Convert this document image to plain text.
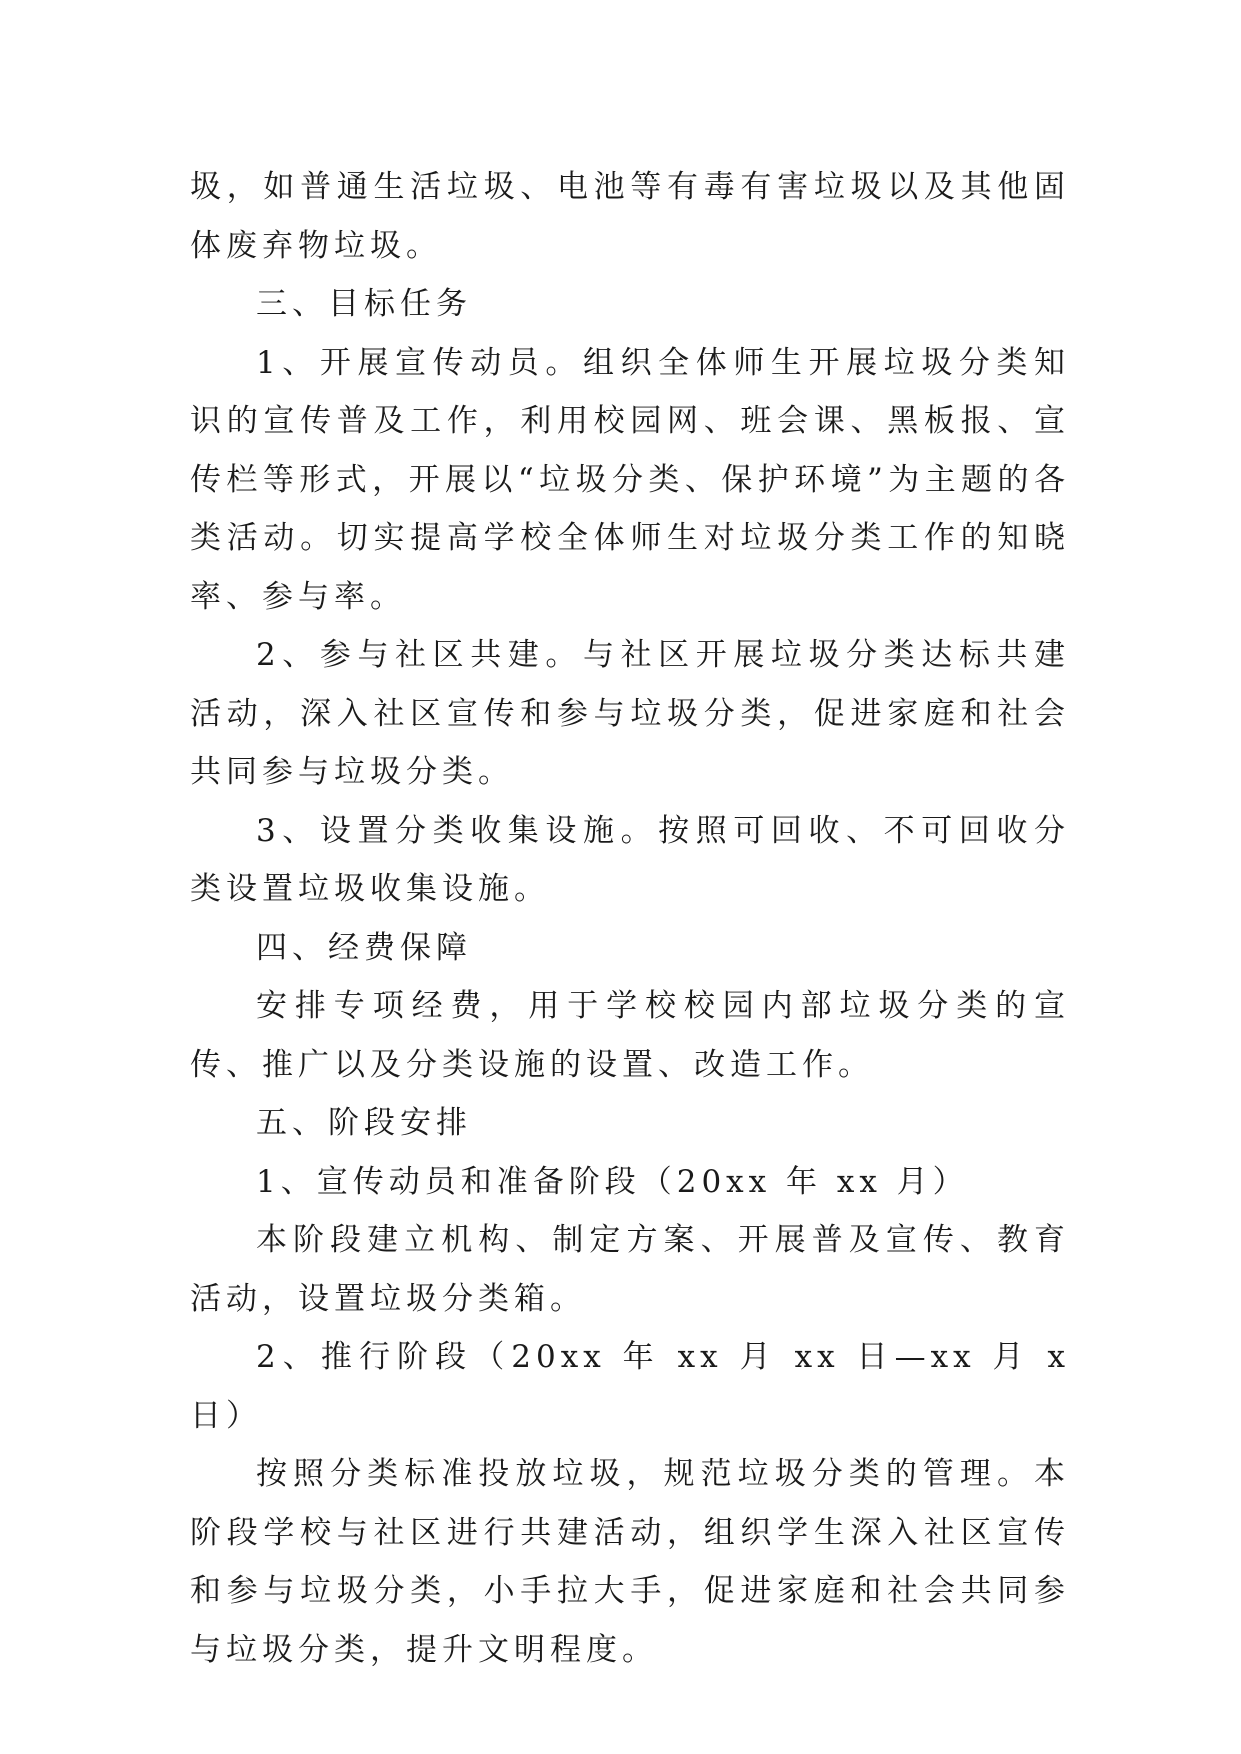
圾，如普通生活垃圾、电池等有毒有害垃圾以及其他固体废弃物垃圾。

三、目标任务

1、开展宣传动员。组织全体师生开展垃圾分类知识的宣传普及工作，利用校园网、班会课、黑板报、宣传栏等形式，开展以“垃圾分类、保护环境”为主题的各类活动。切实提高学校全体师生对垃圾分类工作的知晓率、参与率。

2、参与社区共建。与社区开展垃圾分类达标共建活动，深入社区宣传和参与垃圾分类，促进家庭和社会共同参与垃圾分类。

3、设置分类收集设施。按照可回收、不可回收分类设置垃圾收集设施。

四、经费保障

安排专项经费，用于学校校园内部垃圾分类的宣传、推广以及分类设施的设置、改造工作。

五、阶段安排

1、宣传动员和准备阶段（20xx 年 xx 月）

本阶段建立机构、制定方案、开展普及宣传、教育活动，设置垃圾分类箱。

2、推行阶段（20xx 年 xx 月 xx 日—xx 月 x 日）

按照分类标准投放垃圾，规范垃圾分类的管理。本阶段学校与社区进行共建活动，组织学生深入社区宣传和参与垃圾分类，小手拉大手，促进家庭和社会共同参与垃圾分类，提升文明程度。
